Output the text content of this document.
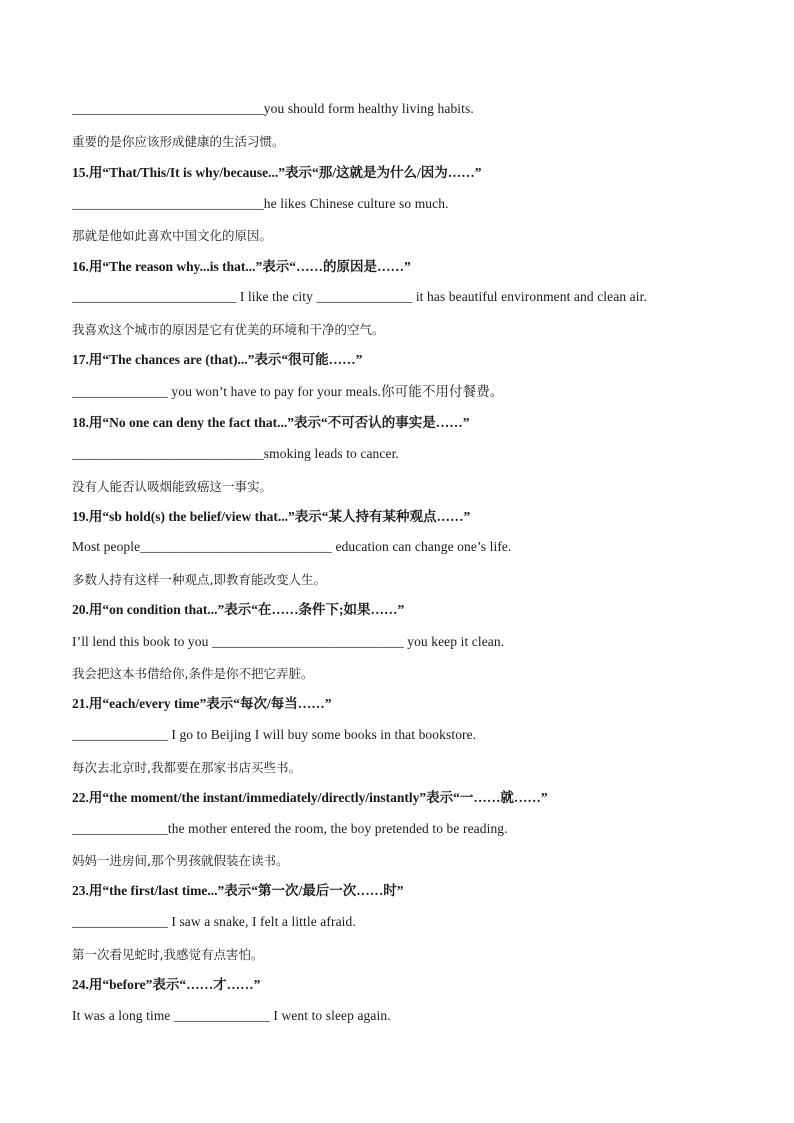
____________________________you should form healthy living habits.
重要的是你应该形成健康的生活习惯。
15.用“That/This/It is why/because...”表示“那/这就是为什么/因为……”
____________________________he likes Chinese culture so much.
那就是他如此喜欢中国文化的原因。
16.用“The reason why...is that...”表示“……的原因是……”
________________________ I like the city ______________ it has beautiful environment and clean air.
我喜欢这个城市的原因是它有优美的环境和干净的空气。
17.用“The chances are (that)...”表示“很可能……”
______________ you won’t have to pay for your meals.你可能不用付餐费。
18.用“No one can deny the fact that...”表示“不可否认的事实是……”
____________________________smoking leads to cancer.
没有人能否认吸烟能致癌这一事实。
19.用“sb hold(s) the belief/view that...”表示“某人持有某种观点……”
Most people____________________________ education can change one’s life.
多数人持有这样一种观点,即教育能改变人生。
20.用“on condition that...”表示“在……条件下;如果……”
I’ll lend this book to you ____________________________ you keep it clean.
我会把这本书借给你,条件是你不把它弄脏。
21.用“each/every time”表示“每次/每当……”
______________ I go to Beijing I will buy some books in that bookstore.
每次去北京时,我都要在那家书店买些书。
22.用“the moment/the instant/immediately/directly/instantly”表示“一……就……”
______________the mother entered the room, the boy pretended to be reading.
妈妈一进房间,那个男孩就假装在读书。
23.用“the first/last time...”表示“第一次/最后一次……时”
______________ I saw a snake, I felt a little afraid.
第一次看见蛇时,我感觉有点害怕。
24.用“before”表示“……才……”
It was a long time ______________ I went to sleep again.
